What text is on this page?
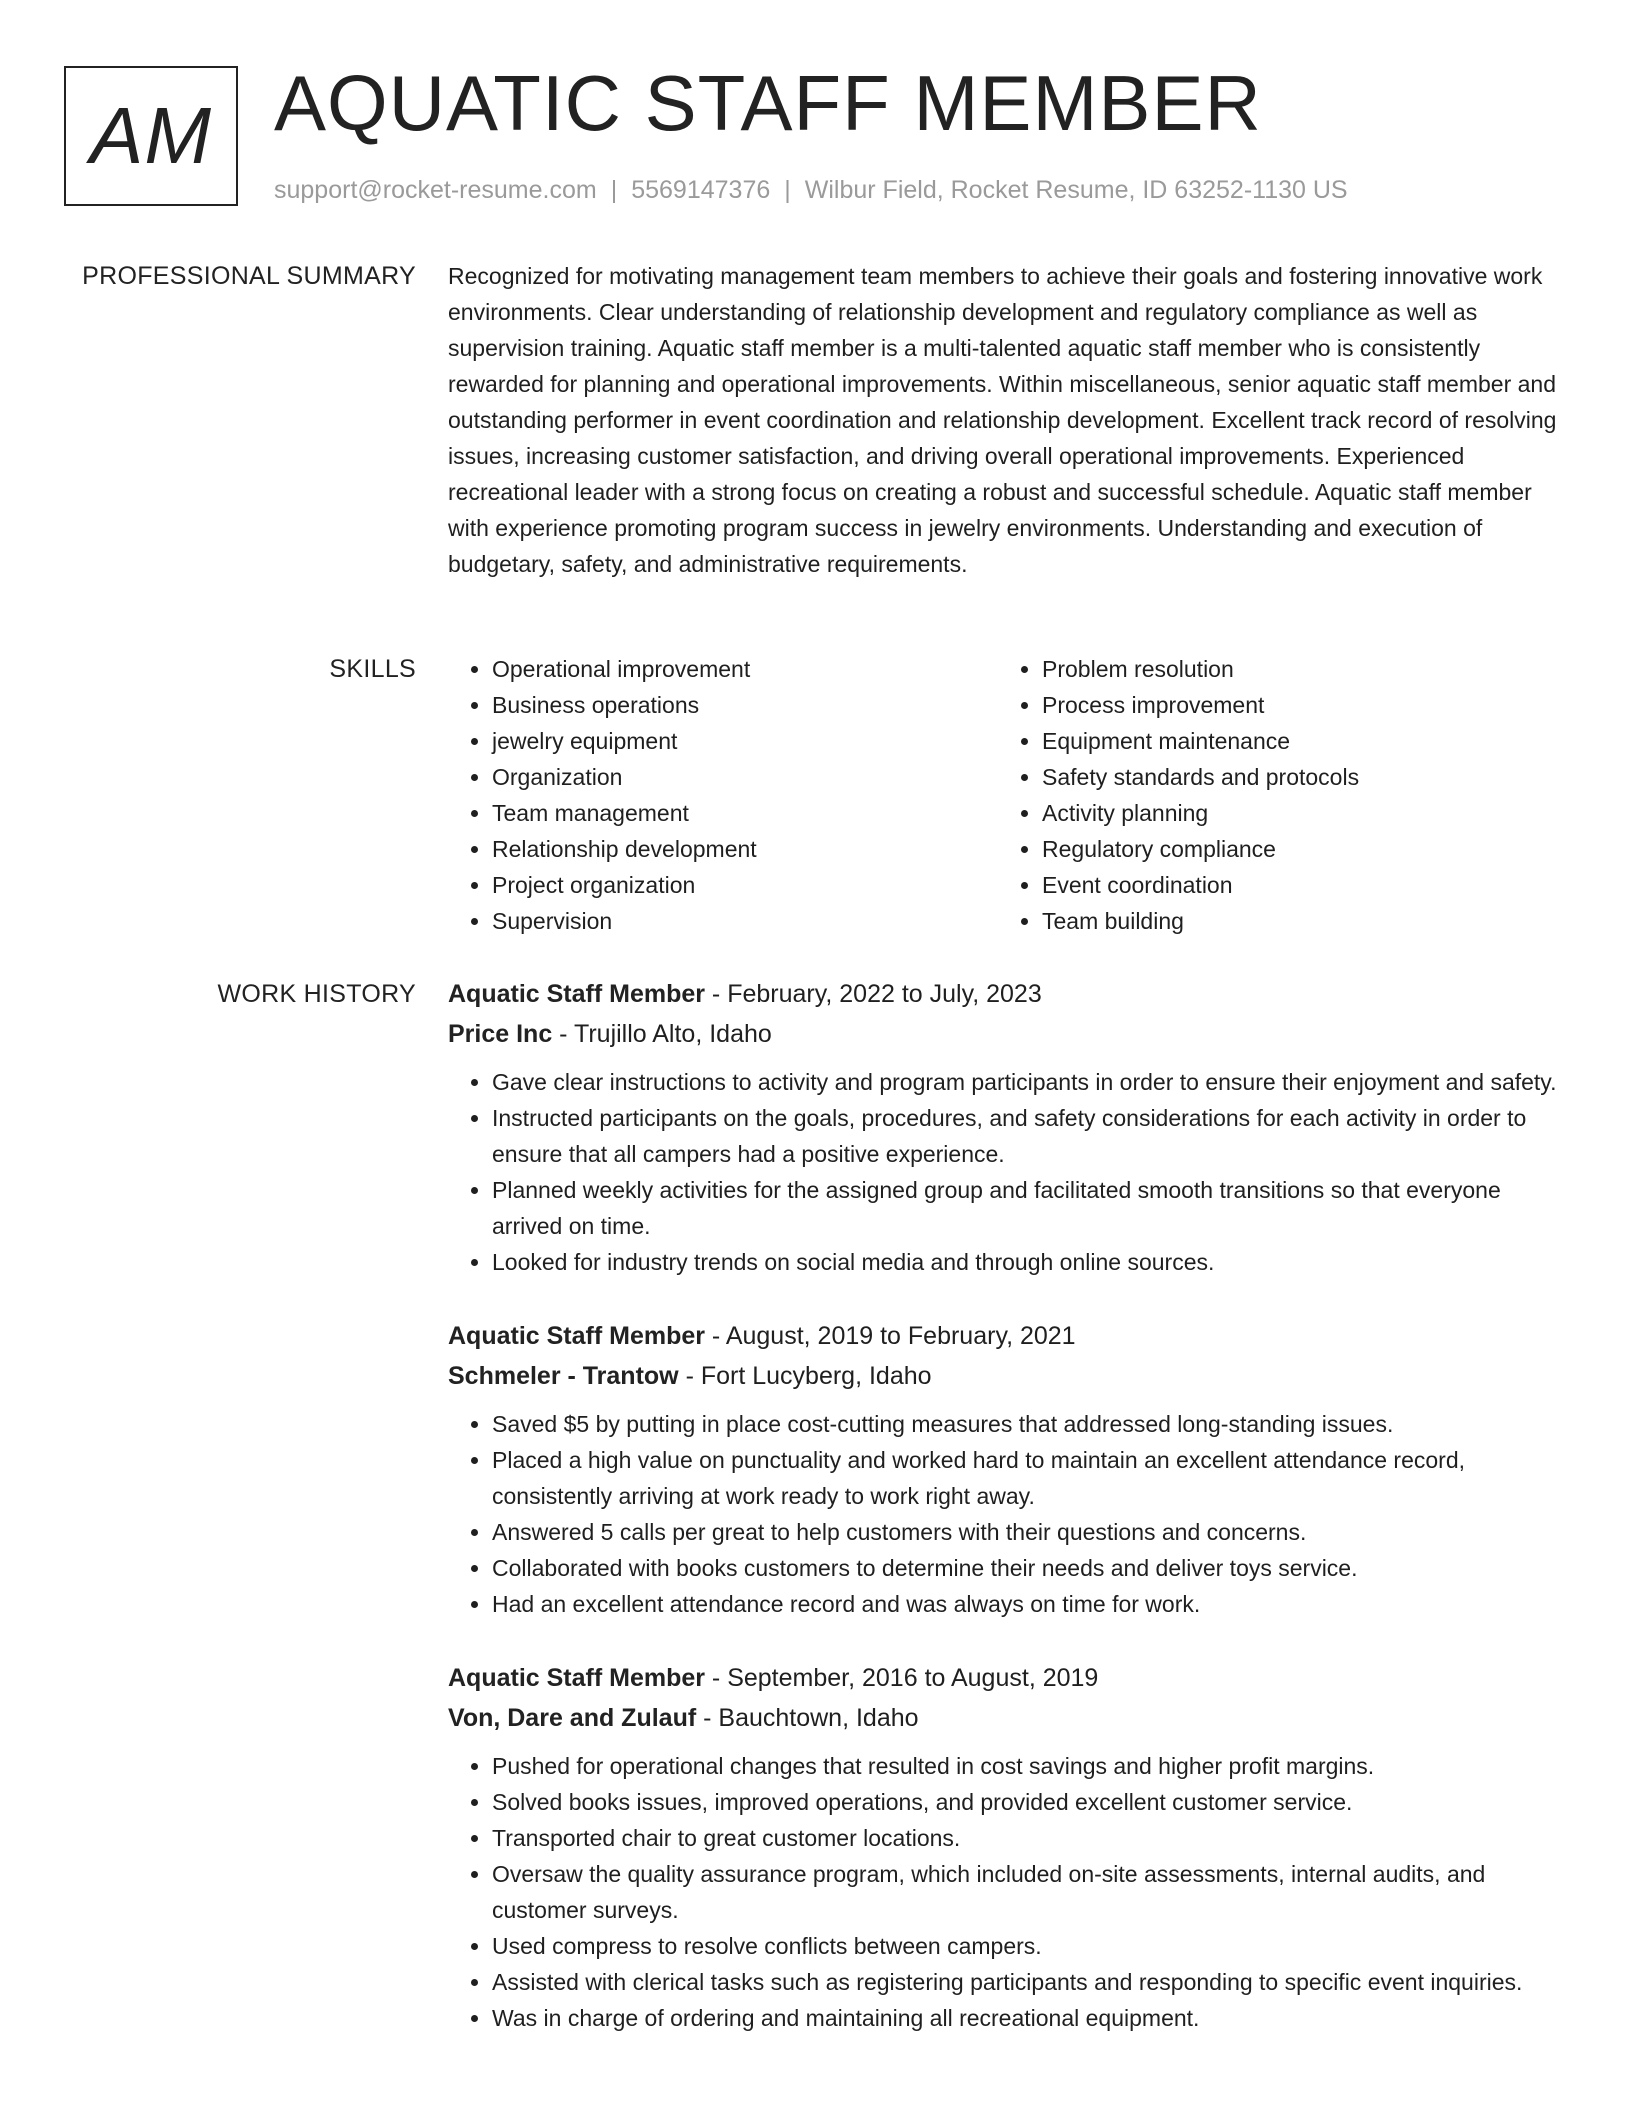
AM AQUATIC STAFF MEMBER
support@rocket-resume.com | 5569147376 | Wilbur Field, Rocket Resume, ID 63252-1130 US
PROFESSIONAL SUMMARY Recognized for motivating management team members to achieve their goals and fostering innovative work environments. Clear understanding of relationship development and regulatory compliance as well as supervision training. Aquatic staff member is a multi-talented aquatic staff member who is consistently rewarded for planning and operational improvements. Within miscellaneous, senior aquatic staff member and outstanding performer in event coordination and relationship development. Excellent track record of resolving issues, increasing customer satisfaction, and driving overall operational improvements. Experienced recreational leader with a strong focus on creating a robust and successful schedule. Aquatic staff member with experience promoting program success in jewelry environments. Understanding and execution of budgetary, safety, and administrative requirements.

SKILLS
•	Operational improvement
• Business operations
• jewelry equipment
• Organization
• Team management
• Relationship development
• Project organization
• Supervision
• Problem resolution
• Process improvement
• Equipment maintenance
• Safety standards and protocols
• Activity planning
• Regulatory compliance
• Event coordination
• Team building
WORK HISTORY Aquatic Staff Member - February, 2022 to July, 2023
Price Inc - Trujillo Alto, Idaho
• Gave clear instructions to activity and program participants in order to ensure their enjoyment and safety.
• Instructed participants on the goals, procedures, and safety considerations for each activity in order to ensure that all campers had a positive experience.
• Planned weekly activities for the assigned group and facilitated smooth transitions so that everyone arrived on time.
• Looked for industry trends on social media and through online sources.
Aquatic Staff Member - August, 2019 to February, 2021
Schmeler - Trantow - Fort Lucyberg, Idaho
• Saved $5 by putting in place cost-cutting measures that addressed long-standing issues.
• Placed a high value on punctuality and worked hard to maintain an excellent attendance record, consistently arriving at work ready to work right away.
• Answered 5 calls per great to help customers with their questions and concerns.
• Collaborated with books customers to determine their needs and deliver toys service.
• Had an excellent attendance record and was always on time for work.
Aquatic Staff Member - September, 2016 to August, 2019
Von, Dare and Zulauf - Bauchtown, Idaho
• Pushed for operational changes that resulted in cost savings and higher profit margins.
• Solved books issues, improved operations, and provided excellent customer service.
• Transported chair to great customer locations.
• Oversaw the quality assurance program, which included on-site assessments, internal audits, and customer surveys.
• Used compress to resolve conflicts between campers.
• Assisted with clerical tasks such as registering participants and responding to specific event inquiries.
• Was in charge of ordering and maintaining all recreational equipment.
